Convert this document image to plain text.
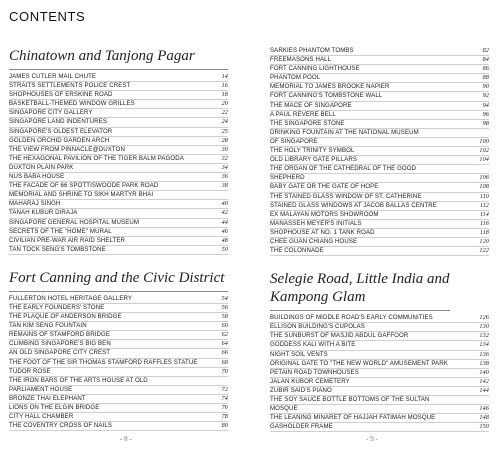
CONTENTS
Chinatown and Tanjong Pagar
JAMES CUTLER MAIL CHUTE	14
STRAITS SETTLEMENTS POLICE CREST	16
SHOPHOUSES OF ERSKINE ROAD	18
BASKETBALL-THEMED WINDOW GRILLES	20
SINGAPORE CITY GALLERY	22
SINGAPORE LAND INDENTURES	24
SINGAPORE'S OLDEST ELEVATOR	25
GOLDEN ORCHID GARDEN ARCH	28
THE VIEW FROM PINNACLE@DUXTON	30
THE HEXAGONAL PAVILION OF THE TIGER BALM PAGODA	32
DUXTON PLAIN PARK	34
NUS BABA HOUSE	36
THE FACADE OF 66 SPOTTISWOODE PARK ROAD	38
MEMORIAL AND SHRINE TO SIKH MARTYR BHAI
MAHARAJ SINGH	40
TANAH KUBUR DIRAJA	42
SINGAPORE GENERAL HOSPITAL MUSEUM	44
SECRETS OF THE "HOME" MURAL	46
CIVILIAN PRE-WAR AIR RAID SHELTER	48
TAN TOCK SENG'S TOMBSTONE	50
Fort Canning and the Civic District
FULLERTON HOTEL HERITAGE GALLERY	54
THE EARLY FOUNDERS' STONE	56
THE PLAQUE OF ANDERSON BRIDGE	58
TAN KIM SENG FOUNTAIN	60
REMAINS OF STAMFORD BRIDGE	62
CLIMBING SINGAPORE'S BIG BEN	64
AN OLD SINGAPORE CITY CREST	66
THE FOOT OF THE SIR THOMAS STAMFORD RAFFLES STATUE	68
TUDOR ROSE	70
THE IRON BARS OF THE ARTS HOUSE AT OLD
PARLIAMENT HOUSE	72
BRONZE THAI ELEPHANT	74
LIONS ON THE ELGIN BRIDGE	76
CITY HALL CHAMBER	78
THE COVENTRY CROSS OF NAILS	80
SARKIES PHANTOM TOMBS	82
FREEMASONS HALL	84
FORT CANNING LIGHTHOUSE	86
PHANTOM POOL	88
MEMORIAL TO JAMES BROOKE NAPIER	90
FORT CANNING'S TOMBSTONE WALL	92
THE MACE OF SINGAPORE	94
A PAUL REVERE BELL	96
THE SINGAPORE STONE	98
DRINKING FOUNTAIN AT THE NATIONAL MUSEUM
OF SINGAPORE	100
THE HOLY TRINITY SYMBOL	102
OLD LIBRARY GATE PILLARS	104
THE ORGAN OF THE CATHEDRAL OF THE GOOD
SHEPHERD	106
BABY GATE OR THE GATE OF HOPE	108
THE STAINED GLASS WINDOW OF ST. CATHERINE	110
STAINED GLASS WINDOWS AT JACOB BALLAS CENTRE	112
EX MALAYAN MOTORS SHOWROOM	114
MANASSEH MEYER'S INITIALS	116
SHOPHOUSE AT NO. 1 TANK ROAD	118
CHEE GUAN CHIANG HOUSE	120
THE COLONNADE	122
Selegie Road, Little India and Kampong Glam
BUILDINGS OF MIDDLE ROAD'S EARLY COMMUNITIES	126
ELLISON BUILDING'S CUPOLAS	130
THE SUNBURST OF MASJID ABDUL GAFFOOR	132
GODDESS KALI WITH A BITE	134
NIGHT SOIL VENTS	136
ORIGINAL GATE TO "THE NEW WORLD" AMUSEMENT PARK	138
PETAIN ROAD TOWNHOUSES	140
JALAN KUBOR CEMETERY	142
ZUBIR SAID'S PIANO	144
THE SOY SAUCE BOTTLE BOTTOMS OF THE SULTAN
MOSQUE	146
THE LEANING MINARET OF HAJJAH FATIMAH MOSQUE	148
GASHOLDER FRAME	150
- 8 -	- 9 -
